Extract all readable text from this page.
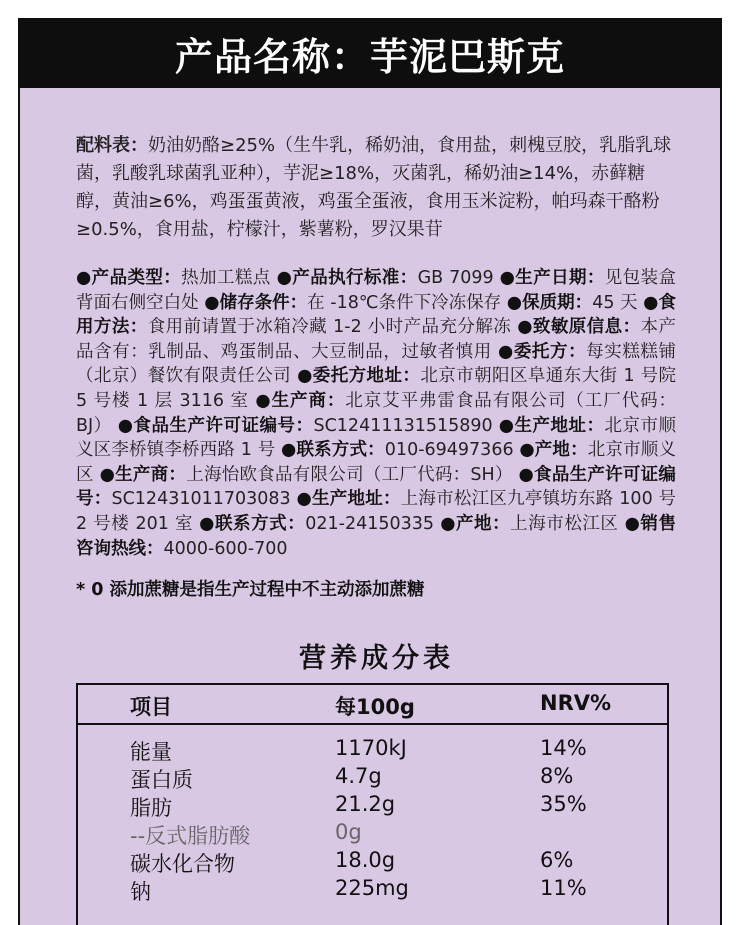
产品名称：芋泥巴斯克
配料表：奶油奶酪≥25%（生牛乳，稀奶油，食用盐，刺槐豆胶，乳脂乳球菌，乳酸乳球菌乳亚种），芋泥≥18%，灭菌乳，稀奶油≥14%，赤藓糖醇，黄油≥6%，鸡蛋蛋黄液，鸡蛋全蛋液，食用玉米淀粉，帕玛森干酪粉≥0.5%，食用盐，柠檬汁，紫薯粉，罗汉果苷
●产品类型：热加工糕点 ●产品执行标准：GB 7099 ●生产日期：见包装盒背面右侧空白处 ●储存条件：在 -18℃条件下冷冻保存 ●保质期：45 天 ●食用方法：食用前请置于冰箱冷藏 1-2 小时产品充分解冻 ●致敏原信息：本产品含有：乳制品、鸡蛋制品、大豆制品，过敏者慎用 ●委托方：每实糕糕铺（北京）餐饮有限责任公司 ●委托方地址：北京市朝阳区阜通东大街 1 号院 5 号楼 1 层 3116 室 ●生产商：北京艾平弗雷食品有限公司（工厂代码：BJ） ●食品生产许可证编号：SC12411131515890 ●生产地址：北京市顺义区李桥镇李桥西路 1 号 ●联系方式：010-69497366 ●产地：北京市顺义区 ●生产商：上海怡欧食品有限公司（工厂代码：SH） ●食品生产许可证编号：SC12431011703083 ●生产地址：上海市松江区九亭镇坊东路 100 号 2 号楼 201 室 ●联系方式：021-24150335 ●产地：上海市松江区 ●销售咨询热线：4000-600-700
* 0 添加蔗糖是指生产过程中不主动添加蔗糖
营养成分表
项目	每100g	NRV%
能量	1170kJ	14%
蛋白质	4.7g	8%
脂肪	21.2g	35%
--反式脂肪酸	0g
碳水化合物	18.0g	6%
钠	225mg	11%
